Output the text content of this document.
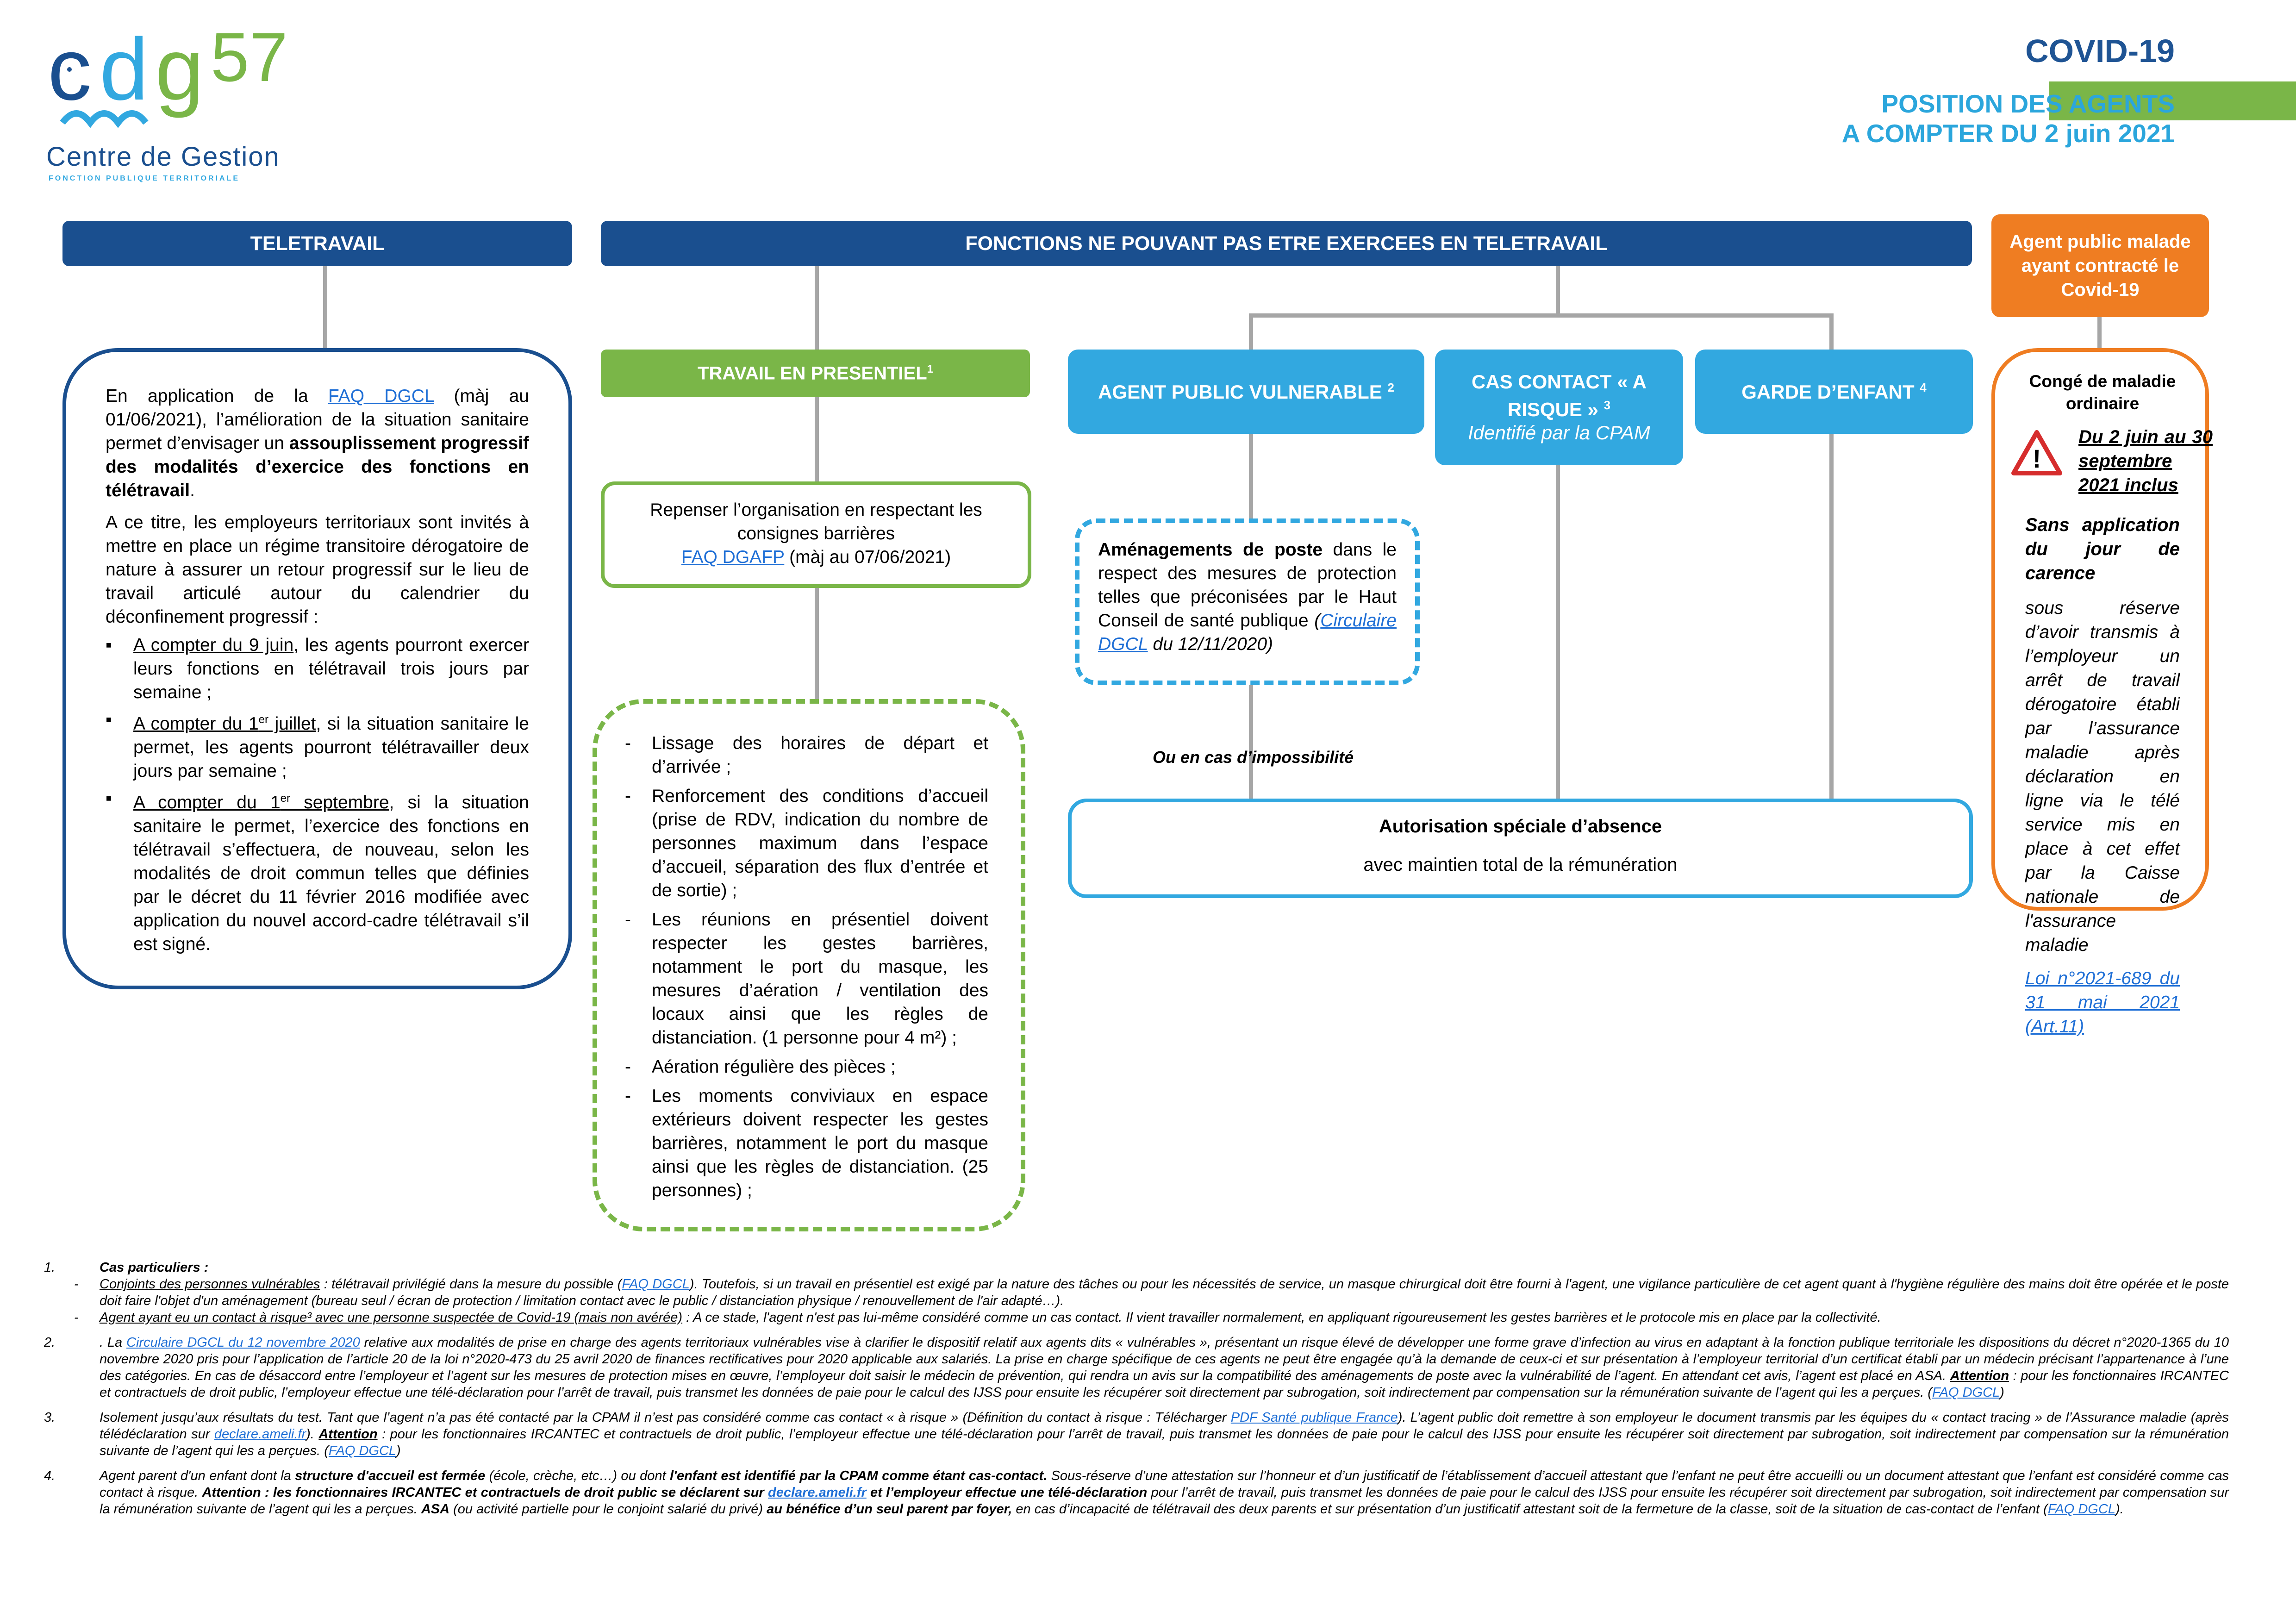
c d g 57
Centre de Gestion
FONCTION PUBLIQUE TERRITORIALE
COVID-19
POSITION DES AGENTS
A COMPTER DU 2 juin 2021
TELETRAVAIL	FONCTIONS NE POUVANT PAS ETRE EXERCEES EN TELETRAVAIL	Agent public malade
ayant contracté le
Covid-19
TRAVAIL EN PRESENTIEL$^1$
AGENT PUBLIC VULNERABLE $^2$	CAS CONTACT « A
RISQUE » $^3$
Identifié par la CPAM
GARDE D’ENFANT $^4$

En application de la FAQ DGCL (màj au 01/06/2021), l’amélioration de la situation sanitaire permet d’envisager un assouplissement progressif des modalités d’exercice des fonctions en télétravail.

A ce titre, les employeurs territoriaux sont invités à mettre en place un régime transitoire dérogatoire de nature à assurer un retour progressif sur le lieu de travail articulé autour du calendrier du déconfinement progressif :

▪ A compter du 9 juin, les agents pourront exercer leurs fonctions en télétravail trois jours par semaine ;
▪ A compter du 1er juillet, si la situation sanitaire le permet, les agents pourront télétravailler deux jours par semaine ;
▪ A compter du 1er septembre, si la situation sanitaire le permet, l’exercice des fonctions en télétravail s’effectuera, de nouveau, selon les modalités de droit commun telles que définies par le décret du 11 février 2016 modifiée avec application du nouvel accord-cadre télétravail s’il est signé.
Repenser l’organisation en respectant les
consignes barrières
FAQ DGAFP (màj au 07/06/2021)
- Lissage des horaires de départ et d’arrivée ;
- Renforcement des conditions d’accueil (prise de RDV, indication du nombre de personnes maximum dans l’espace d’accueil, séparation des flux d’entrée et de sortie) ;
- Les réunions en présentiel doivent respecter les gestes barrières, notamment le port du masque, les mesures d’aération / ventilation des locaux ainsi que les règles de distanciation. (1 personne pour 4 m²) ;
- Aération régulière des pièces ;
- Les moments conviviaux en espace extérieurs doivent respecter les gestes barrières, notamment le port du masque ainsi que les règles de distanciation. (25 personnes) ;
Aménagements de poste dans le respect des mesures de protection telles que préconisées par le Haut Conseil de santé publique (Circulaire DGCL du 12/11/2020)
Ou en cas d’impossibilité
Autorisation spéciale d’absence
avec maintien total de la rémunération
Congé de maladie
ordinaire
!
Du 2 juin au 30 septembre 2021 inclus
Sans application du jour de carence
sous réserve d’avoir transmis à l’employeur un arrêt de travail dérogatoire établi par l’assurance maladie après déclaration en ligne via le télé service mis en place à cet effet par la Caisse nationale de l'assurance maladie
Loi n°2021-689 du 31 mai 2021 (Art.11)
1.	Cas particuliers :
- Conjoints des personnes vulnérables : télétravail privilégié dans la mesure du possible (FAQ DGCL). Toutefois, si un travail en présentiel est exigé par la nature des tâches ou pour les nécessités de service, un masque chirurgical doit être fourni à l'agent, une vigilance particulière de cet agent quant à l'hygiène régulière des mains doit être opérée et le poste doit faire l'objet d'un aménagement (bureau seul / écran de protection / limitation contact avec le public / distanciation physique / renouvellement de l'air adapté…).
- Agent ayant eu un contact à risque³ avec une personne suspectée de Covid-19 (mais non avérée) : A ce stade, l'agent n'est pas lui-même considéré comme un cas contact. Il vient travailler normalement, en appliquant rigoureusement les gestes barrières et le protocole mis en place par la collectivité.
2.	. La Circulaire DGCL du 12 novembre 2020 relative aux modalités de prise en charge des agents territoriaux vulnérables vise à clarifier le dispositif relatif aux agents dits « vulnérables », présentant un risque élevé de développer une forme grave d’infection au virus en adaptant à la fonction publique territoriale les dispositions du décret n°2020-1365 du 10 novembre 2020 pris pour l’application de l’article 20 de la loi n°2020-473 du 25 avril 2020 de finances rectificatives pour 2020 applicable aux salariés. La prise en charge spécifique de ces agents ne peut être engagée qu’à la demande de ceux-ci et sur présentation à l’employeur territorial d’un certificat établi par un médecin précisant l’appartenance à l’une des catégories. En cas de désaccord entre l’employeur et l’agent sur les mesures de protection mises en œuvre, l’employeur doit saisir le médecin de prévention, qui rendra un avis sur la compatibilité des aménagements de poste avec la vulnérabilité de l’agent. En attendant cet avis, l’agent est placé en ASA. Attention : pour les fonctionnaires IRCANTEC et contractuels de droit public, l’employeur effectue une télé-déclaration pour l’arrêt de travail, puis transmet les données de paie pour le calcul des IJSS pour ensuite les récupérer soit directement par subrogation, soit indirectement par compensation sur la rémunération suivante de l’agent qui les a perçues. (FAQ DGCL)
3.	Isolement jusqu’aux résultats du test. Tant que l’agent n’a pas été contacté par la CPAM il n’est pas considéré comme cas contact « à risque » (Définition du contact à risque : Télécharger PDF Santé publique France). L’agent public doit remettre à son employeur le document transmis par les équipes du « contact tracing » de l’Assurance maladie (après télédéclaration sur declare.ameli.fr). Attention : pour les fonctionnaires IRCANTEC et contractuels de droit public, l’employeur effectue une télé-déclaration pour l’arrêt de travail, puis transmet les données de paie pour le calcul des IJSS pour ensuite les récupérer soit directement par subrogation, soit indirectement par compensation sur la rémunération suivante de l’agent qui les a perçues. (FAQ DGCL)
4.	Agent parent d'un enfant dont la structure d'accueil est fermée (école, crèche, etc…) ou dont l'enfant est identifié par la CPAM comme étant cas-contact. Sous-réserve d’une attestation sur l’honneur et d’un justificatif de l’établissement d’accueil attestant que l’enfant ne peut être accueilli ou un document attestant que l’enfant est considéré comme cas contact à risque. Attention : les fonctionnaires IRCANTEC et contractuels de droit public se déclarent sur declare.ameli.fr et l’employeur effectue une télé-déclaration pour l’arrêt de travail, puis transmet les données de paie pour le calcul des IJSS pour ensuite les récupérer soit directement par subrogation, soit indirectement par compensation sur la rémunération suivante de l’agent qui les a perçues. ASA (ou activité partielle pour le conjoint salarié du privé) au bénéfice d’un seul parent par foyer, en cas d’incapacité de télétravail des deux parents et sur présentation d’un justificatif attestant soit de la fermeture de la classe, soit de la situation de cas-contact de l’enfant (FAQ DGCL).
